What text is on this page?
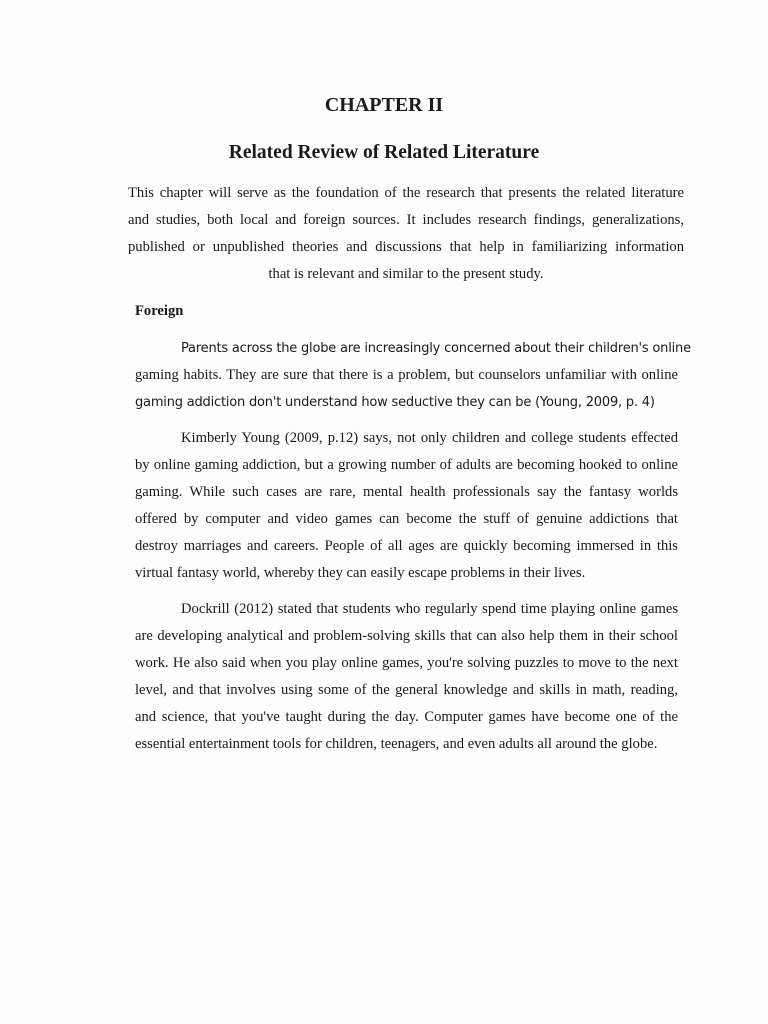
CHAPTER II
Related Review of Related Literature

This chapter will serve as the foundation of the research that presents the related literature
and studies, both local and foreign sources. It includes research findings, generalizations,
published or unpublished theories and discussions that help in familiarizing information
that is relevant and similar to the present study.

Foreign

Parents across the globe are increasingly concerned about their children's online
gaming habits. They are sure that there is a problem, but counselors unfamiliar with online
gaming addiction don't understand how seductive they can be (Young, 2009, p. 4)

Kimberly Young (2009, p.12) says, not only children and college students effected
by online gaming addiction, but a growing number of adults are becoming hooked to online
gaming. While such cases are rare, mental health professionals say the fantasy worlds
offered by computer and video games can become the stuff of genuine addictions that
destroy marriages and careers. People of all ages are quickly becoming immersed in this
virtual fantasy world, whereby they can easily escape problems in their lives.

Dockrill (2012) stated that students who regularly spend time playing online games
are developing analytical and problem-solving skills that can also help them in their school
work. He also said when you play online games, you're solving puzzles to move to the next
level, and that involves using some of the general knowledge and skills in math, reading,
and science, that you've taught during the day. Computer games have become one of the
essential entertainment tools for children, teenagers, and even adults all around the globe.
